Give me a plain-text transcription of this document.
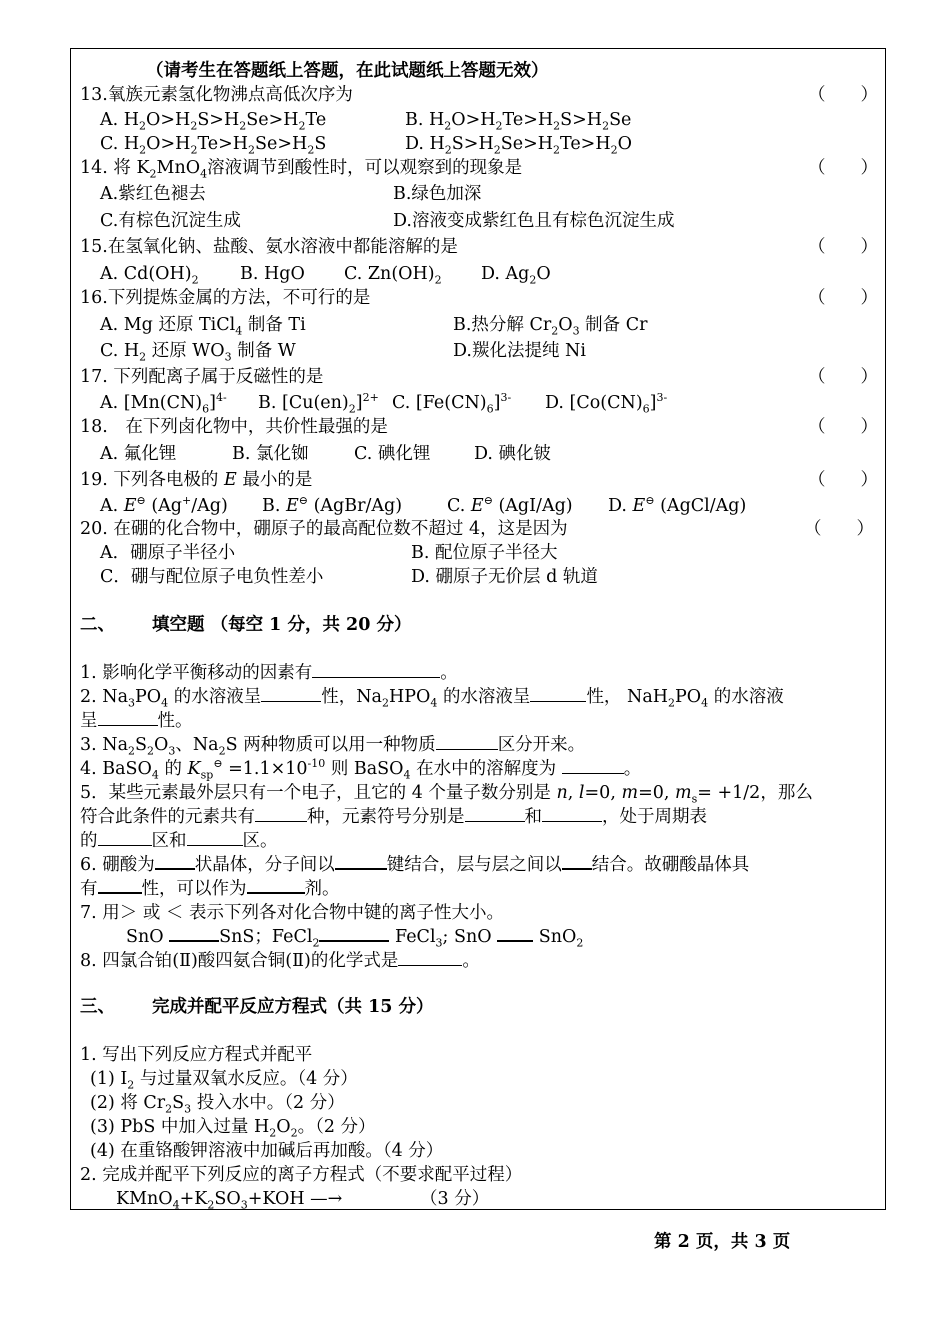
（请考生在答题纸上答题，在此试题纸上答题无效）
13.氧族元素氢化物沸点高低次序为	（　　）
A. $H_2O>H_2S>H_2Se>H_2Te$	B. $H_2O>H_2Te>H_2S>H_2Se$
C. $H_2O>H_2Te>H_2Se>H_2S$	D. $H_2S>H_2Se>H_2Te>H_2O$
14. 将 $K_2MnO_4$溶液调节到酸性时，可以观察到的现象是	（　　）
A.紫红色褪去	B.绿色加深
C.有棕色沉淀生成	D.溶液变成紫红色且有棕色沉淀生成
15.在氢氧化钠、盐酸、氨水溶液中都能溶解的是	（　　）
A. $Cd(OH)_2$ B. HgO C. $Zn(OH)_2$ D. $Ag_2O$
16.下列提炼金属的方法，不可行的是	（　　）
A. Mg 还原 TiCl$_4$ 制备 Ti	B.热分解 $Cr_2O_3$ 制备 Cr
C. $H_2$ 还原 $WO_3$ 制备 W	D.羰化法提纯 Ni
17. 下列配离子属于反磁性的是	（　　）
A. $[Mn(CN)_6]^{4-}$ B. $[Cu(en)_2]^{2+}$ C. $[Fe(CN)_6]^{3-}$ D. $[Co(CN)_6]^{3-}$
18.　在下列卤化物中，共价性最强的是	（　　）
A. 氟化锂	B. 氯化铷	C. 碘化锂 D. 碘化铍
19. 下列各电极的 E 最小的是	（　　）
A. E⊖ (Ag+/Ag) B. E⊖ (AgBr/Ag)	C. E⊖ (AgI/Ag) D. E⊖ (AgCl/Ag)
20. 在硼的化合物中，硼原子的最高配位数不超过 4，这是因为	（　　）
A．硼原子半径小	B. 配位原子半径大
C．硼与配位原子电负性差小	D. 硼原子无价层 d 轨道
二、 填空题 （每空 1 分，共 20 分）
1. 影响化学平衡移动的因素有	。
2. $Na_3PO_4$ 的水溶液呈	性，$Na_2HPO_4$ 的水溶液呈	性， $NaH_2PO_4$ 的水溶液
呈	性。
3. $Na_2S_2O_3$、$Na_2S$ 两种物质可以用一种物质	区分开来。
4. BaSO$_4$ 的 $K_{sp}^⊖ =1.1\times 10^{-10}$ 则 BaSO$_4$ 在水中的溶解度为	。
5．某些元素最外层只有一个电子，且它的 4 个量子数分别是 n, l=0, m=0, $m_s= +1/2$，那么
符合此条件的元素共有	种，元素符号分别是	和	，处于周期表
的	区和	区。
6. 硼酸为 状晶体，分子间以	键结合，层与层之间以 结合。故硼酸晶体具
有	性，可以作为	剂。
7. 用＞ 或 ＜ 表示下列各对化合物中键的离子性大小。
SnO	SnS；FeCl$_2$	FeCl$_3$; SnO  SnO$_2$
8. 四氯合铂(Ⅱ)酸四氨合铜(Ⅱ)的化学式是	。
三、 完成并配平反应方程式（共 15 分）
1. 写出下列反应方程式并配平
(1) $I_2$ 与过量双氧水反应。（4 分）
(2) 将 $Cr_2S_3$ 投入水中。（2 分）
(3) PbS 中加入过量 $H_2O_2$。（2 分）
(4) 在重铬酸钾溶液中加碱后再加酸。（4 分）
2. 完成并配平下列反应的离子方程式（不要求配平过程）
$KMnO_4+K_2SO_3+KOH$ —→	（3 分）
第 2 页，共 3 页
